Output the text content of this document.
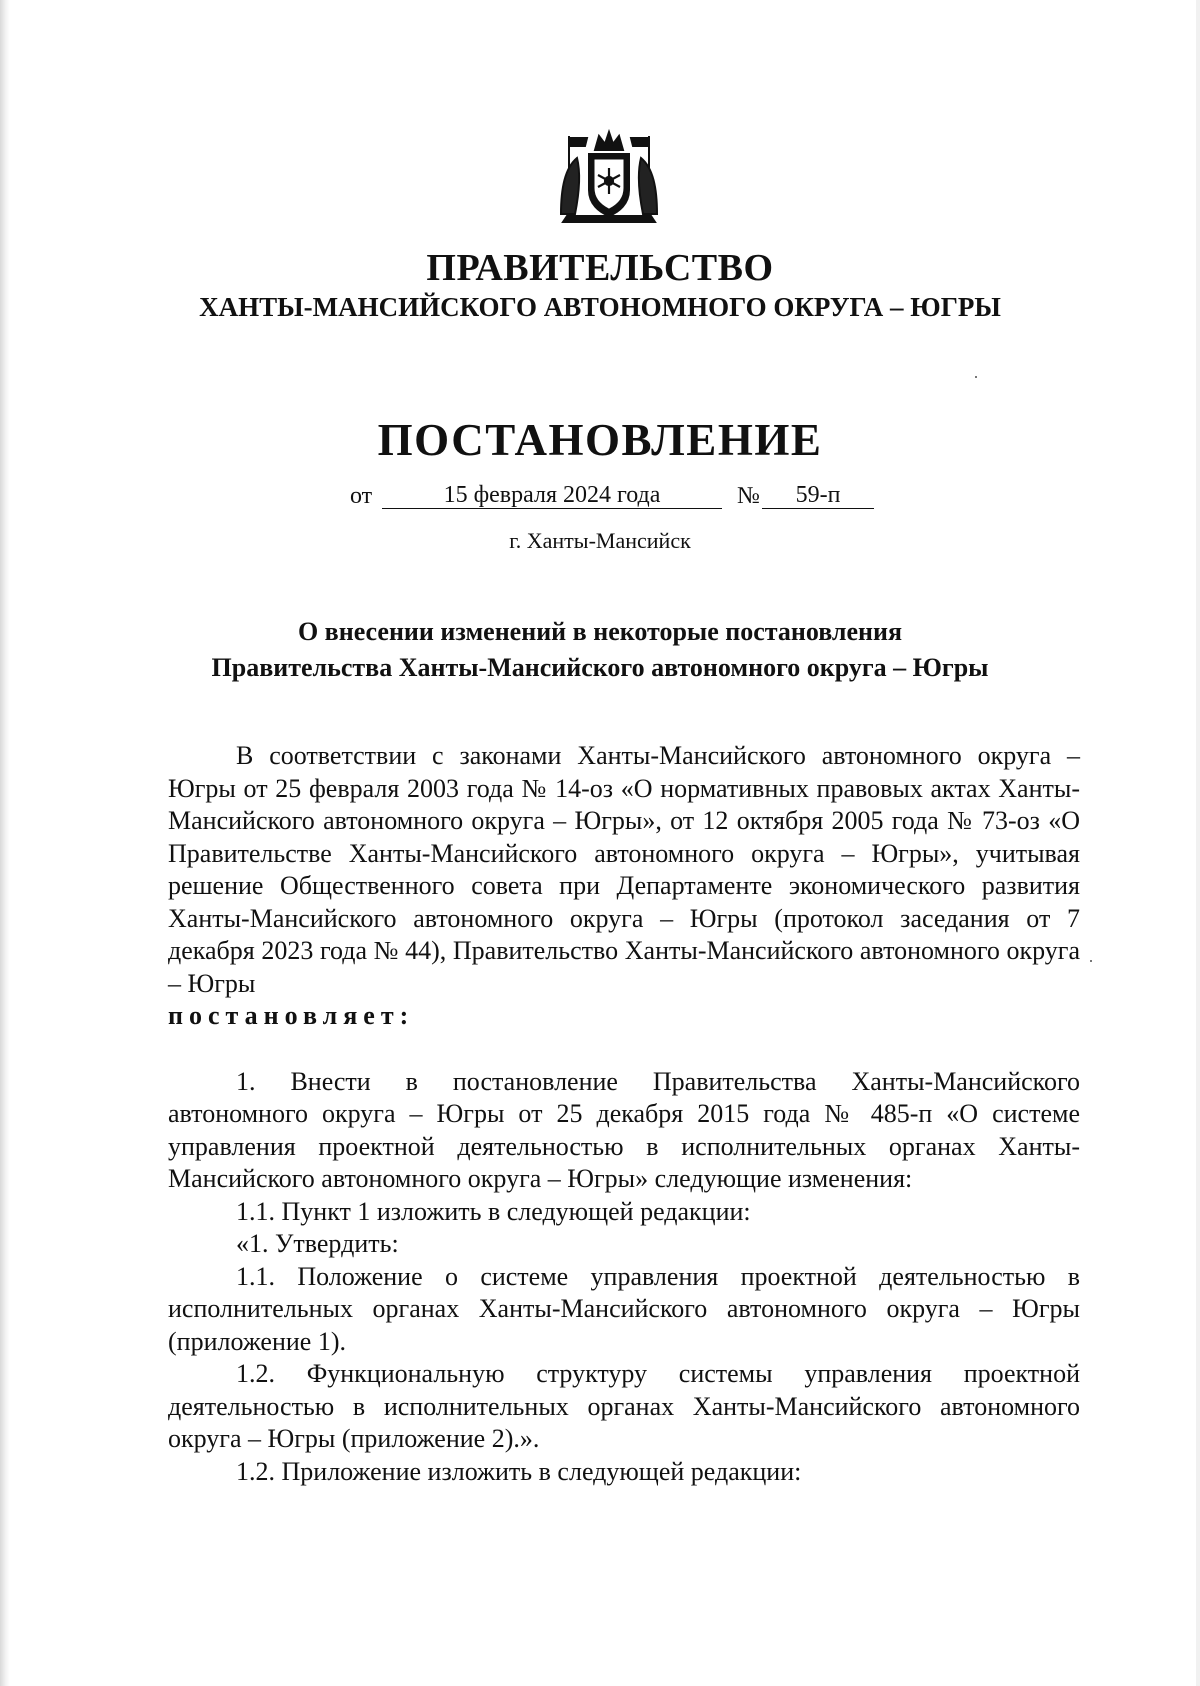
ПРАВИТЕЛЬСТВО
ХАНТЫ-МАНСИЙСКОГО АВТОНОМНОГО ОКРУГА – ЮГРЫ
ПОСТАНОВЛЕНИЕ
от	15 февраля 2024 года	№	59-п
г. Ханты-Мансийск
О внесении изменений в некоторые постановления
Правительства Ханты-Мансийского автономного округа – Югры

В соответствии с законами Ханты-Мансийского автономного округа – Югры от 25 февраля 2003 года № 14-оз «О нормативных правовых актах Ханты-Мансийского автономного округа – Югры», от 12 октября 2005 года № 73-оз «О Правительстве Ханты-Мансийского автономного округа – Югры», учитывая решение Общественного совета при Департаменте экономического развития Ханты-Мансийского автономного округа – Югры (протокол заседания от 7 декабря 2023 года № 44), Правительство Ханты-Мансийского автономного округа – Югры
постановляет:

1. Внести в постановление Правительства Ханты-Мансийского автономного округа – Югры от 25 декабря 2015 года № 485-п «О системе управления проектной деятельностью в исполнительных органах Ханты-Мансийского автономного округа – Югры» следующие изменения:

1.1. Пункт 1 изложить в следующей редакции:

«1. Утвердить:

1.1. Положение о системе управления проектной деятельностью в исполнительных органах Ханты-Мансийского автономного округа – Югры (приложение 1).

1.2. Функциональную структуру системы управления проектной деятельностью в исполнительных органах Ханты-Мансийского автономного округа – Югры (приложение 2).».

1.2. Приложение изложить в следующей редакции:
